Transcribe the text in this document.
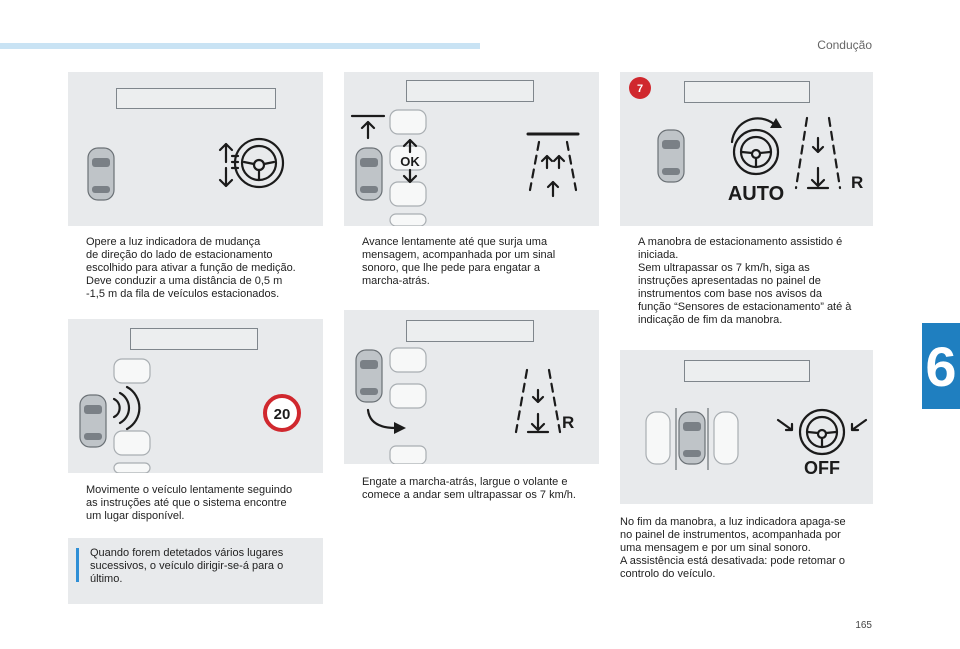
Condução
6
165
OK
7
AUTO
R
20	R
OFF
Opere a luz indicadora de mudança
de direção do lado de estacionamento
escolhido para ativar a função de medição.
Deve conduzir a uma distância de 0,5 m
-1,5 m da fila de veículos estacionados.
Movimente o veículo lentamente seguindo
as instruções até que o sistema encontre
um lugar disponível.
Quando forem detetados vários lugares
sucessivos, o veículo dirigir-se-á para o
último.
Avance lentamente até que surja uma
mensagem, acompanhada por um sinal
sonoro, que lhe pede para engatar a
marcha-atrás.
Engate a marcha-atrás, largue o volante e
comece a andar sem ultrapassar os 7 km/h.
A manobra de estacionamento assistido é
iniciada.
Sem ultrapassar os 7 km/h, siga as
instruções apresentadas no painel de
instrumentos com base nos avisos da
função “Sensores de estacionamento” até à
indicação de fim da manobra.
No fim da manobra, a luz indicadora apaga-se
no painel de instrumentos, acompanhada por
uma mensagem e por um sinal sonoro.
A assistência está desativada: pode retomar o
controlo do veículo.
